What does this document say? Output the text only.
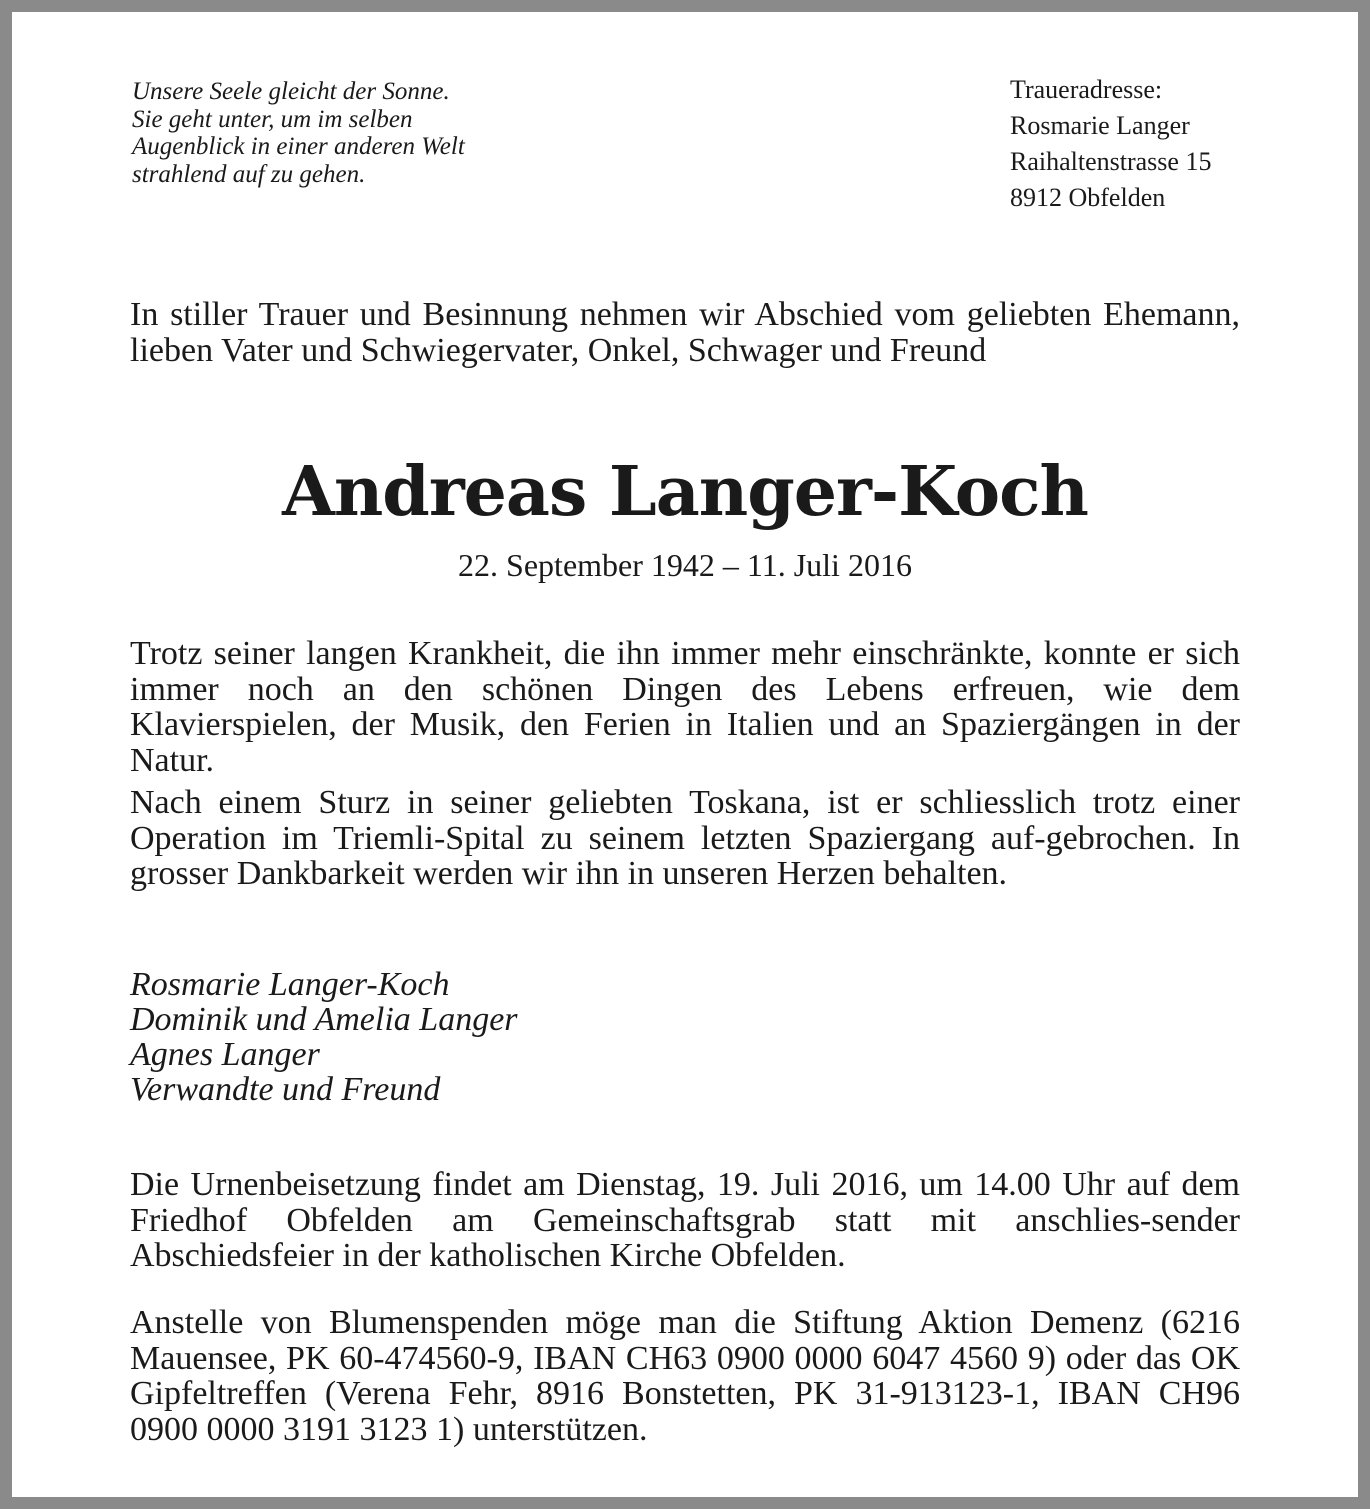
Unsere Seele gleicht der Sonne.
Sie geht unter, um im selben
Augenblick in einer anderen Welt
strahlend auf zu gehen.
Traueradresse:
Rosmarie Langer
Raihaltenstrasse 15
8912 Obfelden
In stiller Trauer und Besinnung nehmen wir Abschied vom geliebten Ehemann, lieben Vater und Schwiegervater, Onkel, Schwager und Freund
Andreas Langer-Koch
22. September 1942 – 11. Juli 2016
Trotz seiner langen Krankheit, die ihn immer mehr einschränkte, konnte er sich immer noch an den schönen Dingen des Lebens erfreuen, wie dem Klavierspielen, der Musik, den Ferien in Italien und an Spaziergängen in der Natur.
Nach einem Sturz in seiner geliebten Toskana, ist er schliesslich trotz einer Operation im Triemli-Spital zu seinem letzten Spaziergang auf-gebrochen. In grosser Dankbarkeit werden wir ihn in unseren Herzen behalten.
Rosmarie Langer-Koch
Dominik und Amelia Langer
Agnes Langer
Verwandte und Freund
Die Urnenbeisetzung findet am Dienstag, 19. Juli 2016, um 14.00 Uhr auf dem Friedhof Obfelden am Gemeinschaftsgrab statt mit anschlies-sender Abschiedsfeier in der katholischen Kirche Obfelden.
Anstelle von Blumenspenden möge man die Stiftung Aktion Demenz (6216 Mauensee, PK 60-474560-9, IBAN CH63 0900 0000 6047 4560 9) oder das OK Gipfeltreffen (Verena Fehr, 8916 Bonstetten, PK 31-913123-1, IBAN CH96 0900 0000 3191 3123 1) unterstützen.
